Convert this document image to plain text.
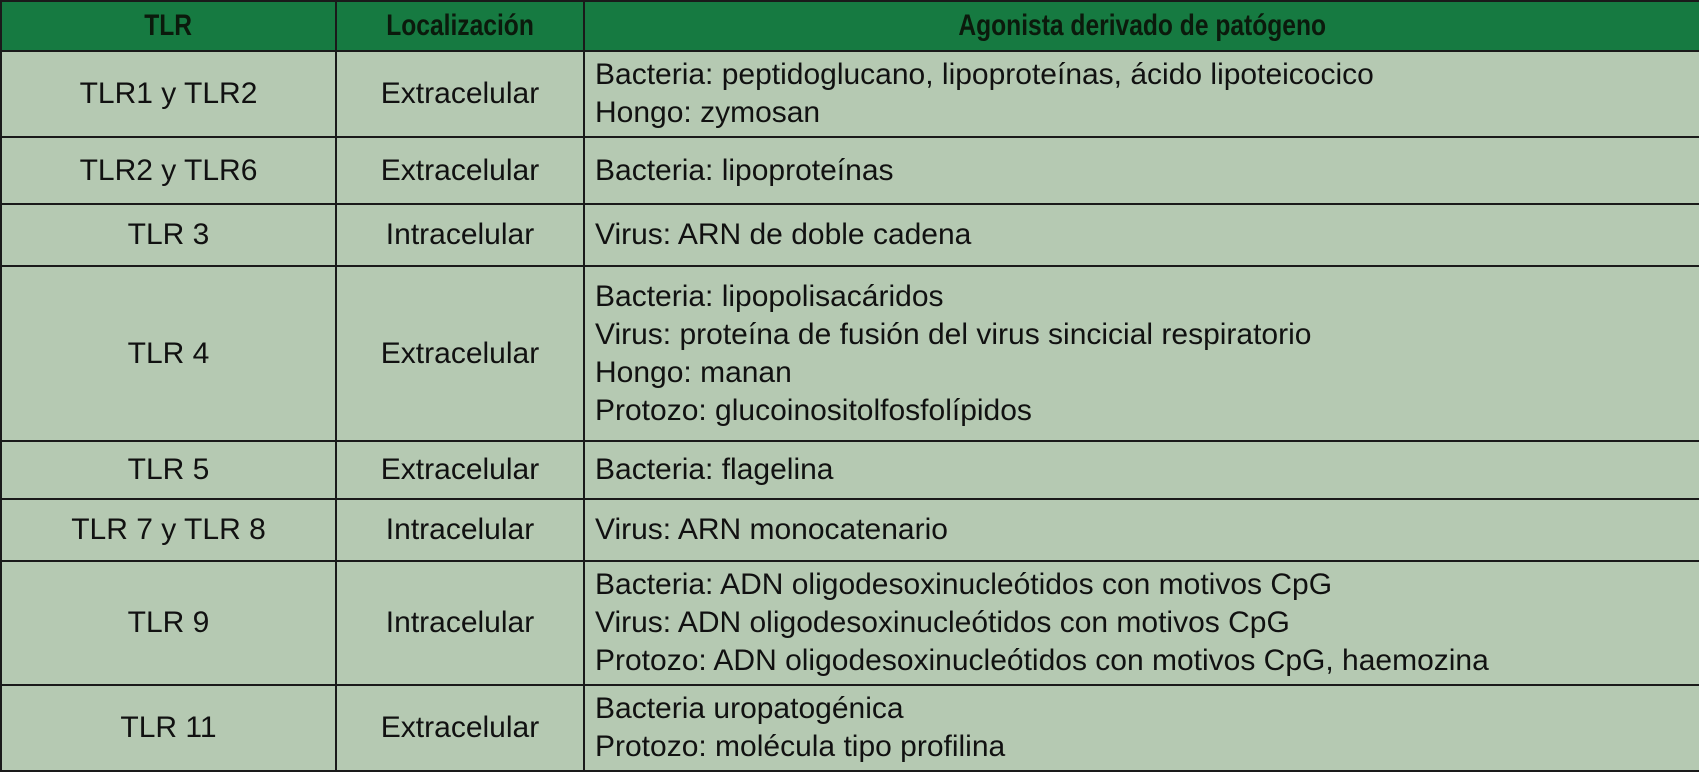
TLR	Localización	Agonista derivado de patógeno
TLR1 y TLR2	Extracelular	Bacteria: peptidoglucano, lipoproteínas, ácido lipoteicocico
Hongo: zymosan

TLR2 y TLR6	Extracelular	Bacteria: lipoproteínas

TLR 3	Intracelular	Virus: ARN de doble cadena

TLR 4	Extracelular	Bacteria: lipopolisacáridos
Virus: proteína de fusión del virus sincicial respiratorio
Hongo: manan
Protozo: glucoinositolfosfolípidos

TLR 5	Extracelular	Bacteria: flagelina

TLR 7 y TLR 8	Intracelular	Virus: ARN monocatenario

TLR 9	Intracelular	Bacteria: ADN oligodesoxinucleótidos con motivos CpG
Virus: ADN oligodesoxinucleótidos con motivos CpG
Protozo: ADN oligodesoxinucleótidos con motivos CpG, haemozina

TLR 11	Extracelular	Bacteria uropatogénica
Protozo: molécula tipo profilina
